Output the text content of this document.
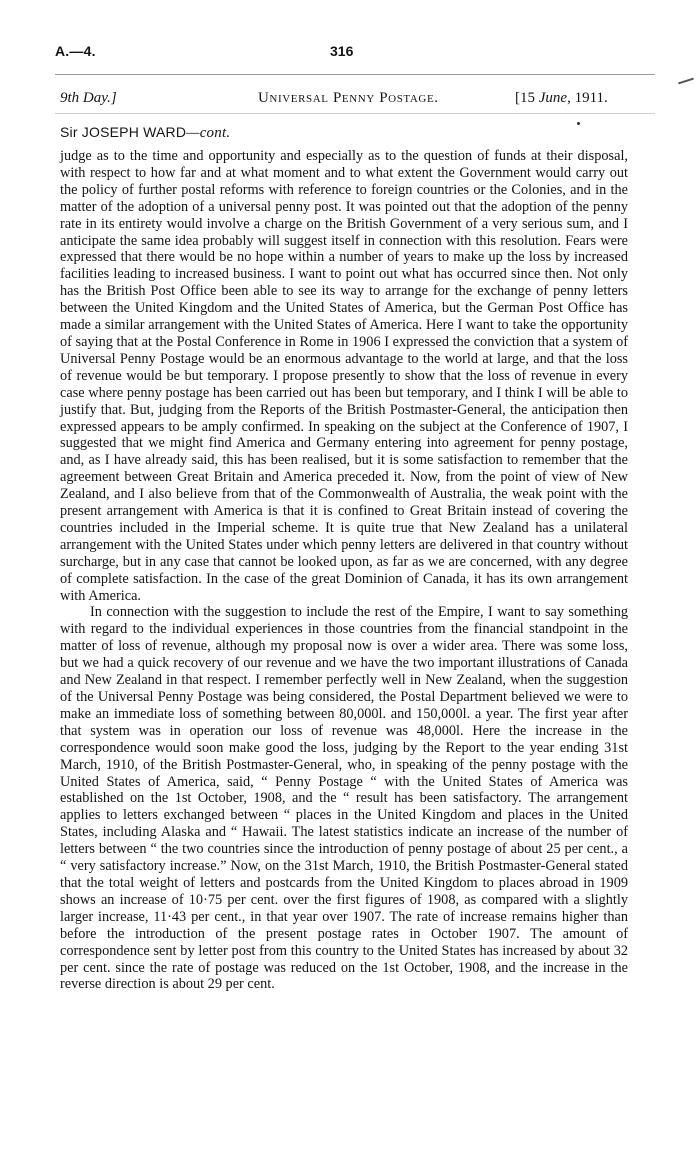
A.—4.	316
9th Day.]	Universal Penny Postage.	[15 June, 1911.
Sir JOSEPH WARD—cont.

judge as to the time and opportunity and especially as to the question of funds at their disposal, with respect to how far and at what moment and to what extent the Government would carry out the policy of further postal reforms with reference to foreign countries or the Colonies, and in the matter of the adoption of a universal penny post. It was pointed out that the adoption of the penny rate in its entirety would involve a charge on the British Government of a very serious sum, and I anticipate the same idea probably will suggest itself in connection with this resolution. Fears were expressed that there would be no hope within a number of years to make up the loss by increased facilities leading to increased business. I want to point out what has occurred since then. Not only has the British Post Office been able to see its way to arrange for the exchange of penny letters between the United Kingdom and the United States of America, but the German Post Office has made a similar arrangement with the United States of America. Here I want to take the opportunity of saying that at the Postal Conference in Rome in 1906 I expressed the conviction that a system of Universal Penny Postage would be an enormous advantage to the world at large, and that the loss of revenue would be but temporary. I propose presently to show that the loss of revenue in every case where penny postage has been carried out has been but temporary, and I think I will be able to justify that. But, judging from the Reports of the British Postmaster-General, the anticipation then expressed appears to be amply confirmed. In speaking on the subject at the Conference of 1907, I suggested that we might find America and Germany entering into agreement for penny postage, and, as I have already said, this has been realised, but it is some satisfaction to remember that the agreement between Great Britain and America preceded it. Now, from the point of view of New Zealand, and I also believe from that of the Commonwealth of Australia, the weak point with the present arrangement with America is that it is confined to Great Britain instead of covering the countries included in the Imperial scheme. It is quite true that New Zealand has a unilateral arrangement with the United States under which penny letters are delivered in that country without surcharge, but in any case that cannot be looked upon, as far as we are concerned, with any degree of complete satisfaction. In the case of the great Dominion of Canada, it has its own arrangement with America.

In connection with the suggestion to include the rest of the Empire, I want to say something with regard to the individual experiences in those countries from the financial standpoint in the matter of loss of revenue, although my proposal now is over a wider area. There was some loss, but we had a quick recovery of our revenue and we have the two important illustrations of Canada and New Zealand in that respect. I remember perfectly well in New Zealand, when the suggestion of the Universal Penny Postage was being considered, the Postal Department believed we were to make an immediate loss of something between 80,000l. and 150,000l. a year. The first year after that system was in operation our loss of revenue was 48,000l. Here the increase in the correspondence would soon make good the loss, judging by the Report to the year ending 31st March, 1910, of the British Postmaster-General, who, in speaking of the penny postage with the United States of America, said, “ Penny Postage “ with the United States of America was established on the 1st October, 1908, and the “ result has been satisfactory. The arrangement applies to letters exchanged between “ places in the United Kingdom and places in the United States, including Alaska and “ Hawaii. The latest statistics indicate an increase of the number of letters between “ the two countries since the introduction of penny postage of about 25 per cent., a “ very satisfactory increase.” Now, on the 31st March, 1910, the British Postmaster-General stated that the total weight of letters and postcards from the United Kingdom to places abroad in 1909 shows an increase of 10·75 per cent. over the first figures of 1908, as compared with a slightly larger increase, 11·43 per cent., in that year over 1907. The rate of increase remains higher than before the introduction of the present postage rates in October 1907. The amount of correspondence sent by letter post from this country to the United States has increased by about 32 per cent. since the rate of postage was reduced on the 1st October, 1908, and the increase in the reverse direction is about 29 per cent.
